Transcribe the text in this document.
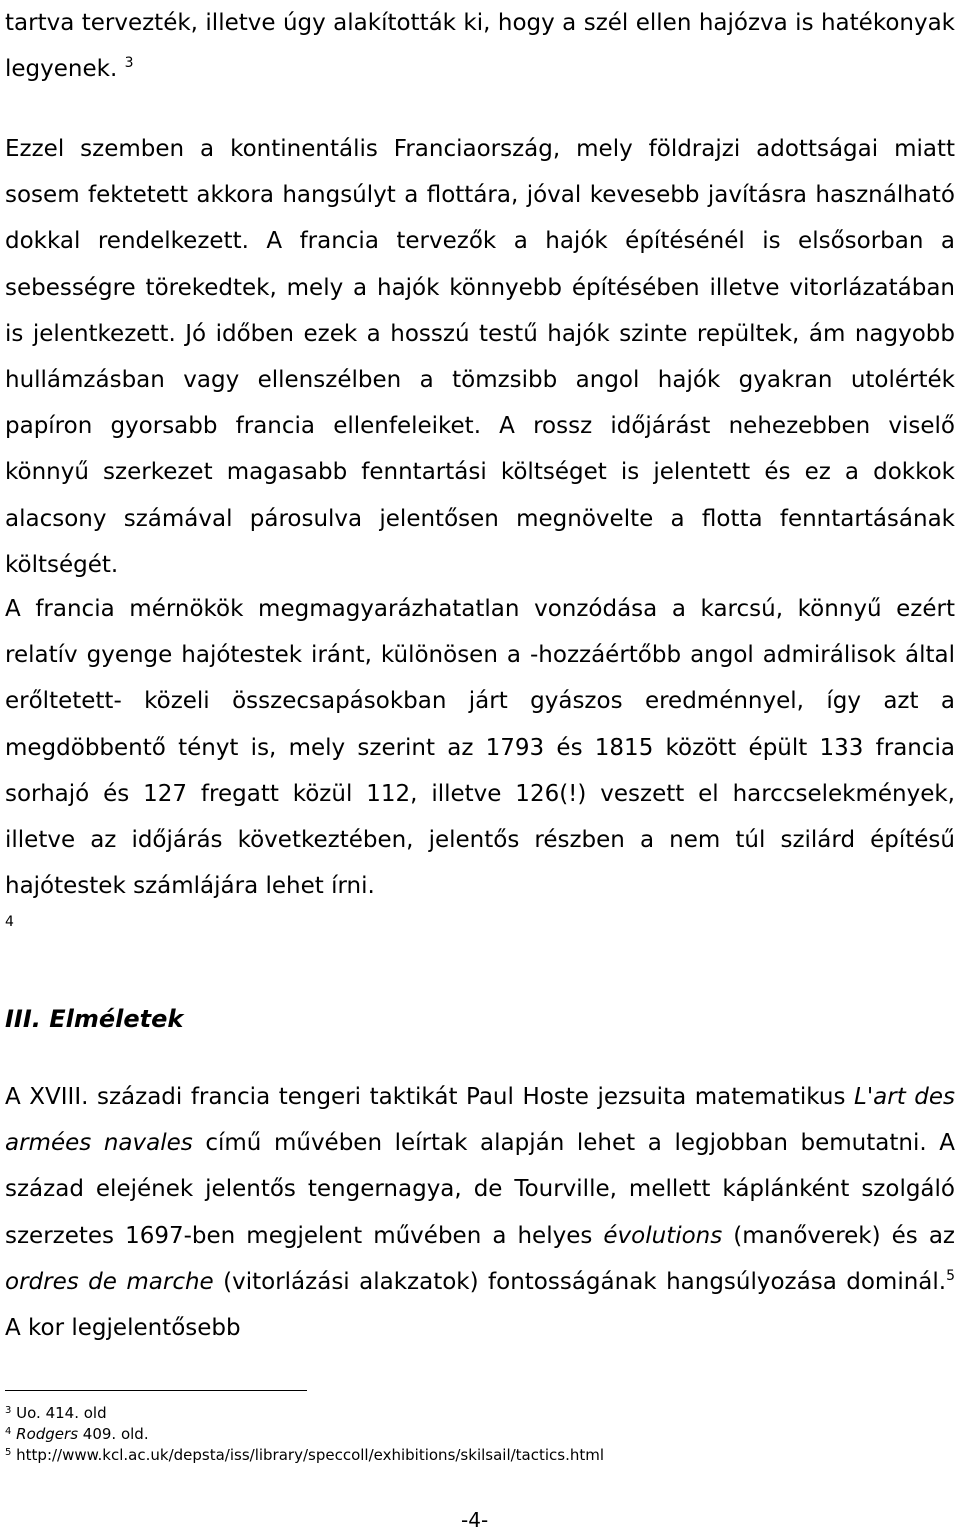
tartva tervezték, illetve úgy alakították ki, hogy a szél ellen hajózva is hatékonyak legyenek. $^3$

Ezzel szemben a kontinentális Franciaország, mely földrajzi adottságai miatt sosem fektetett akkora hangsúlyt a flottára, jóval kevesebb javításra használható dokkal rendelkezett. A francia tervezők a hajók építésénél is elsősorban a sebességre törekedtek, mely a hajók könnyebb építésében illetve vitorlázatában is jelentkezett. Jó időben ezek a hosszú testű hajók szinte repültek, ám nagyobb hullámzásban vagy ellenszélben a tömzsibb angol hajók gyakran utolérték papíron gyorsabb francia ellenfeleiket. A rossz időjárást nehezebben viselő könnyű szerkezet magasabb fenntartási költséget is jelentett és ez a dokkok alacsony számával párosulva jelentősen megnövelte a flotta fenntartásának költségét.

A francia mérnökök megmagyarázhatatlan vonzódása a karcsú, könnyű ezért relatív gyenge hajótestek iránt, különösen a -hozzáértőbb angol admirálisok által erőltetett- közeli összecsapásokban járt gyászos eredménnyel, így azt a megdöbbentő tényt is, mely szerint az 1793 és 1815 között épült 133 francia sorhajó és 127 fregatt közül 112, illetve 126(!) veszett el harccselekmények, illetve az időjárás következtében, jelentős részben a nem túl szilárd építésű hajótestek számlájára lehet írni.

4
III. Elméletek

A XVIII. századi francia tengeri taktikát Paul Hoste jezsuita matematikus L'art des armées navales című művében leírtak alapján lehet a legjobban bemutatni. A század elejének jelentős tengernagya, de Tourville, mellett káplánként szolgáló szerzetes 1697-ben megjelent művében a helyes évolutions (manőverek) és az ordres de marche (vitorlázási alakzatok) fontosságának hangsúlyozása dominál.$^5$ A kor legjelentősebb

$^3$ Uo. 414. old
$^4$ Rodgers 409. old.
$^5$ http://www.kcl.ac.uk/depsta/iss/library/speccoll/exhibitions/skilsail/tactics.html
-4-
